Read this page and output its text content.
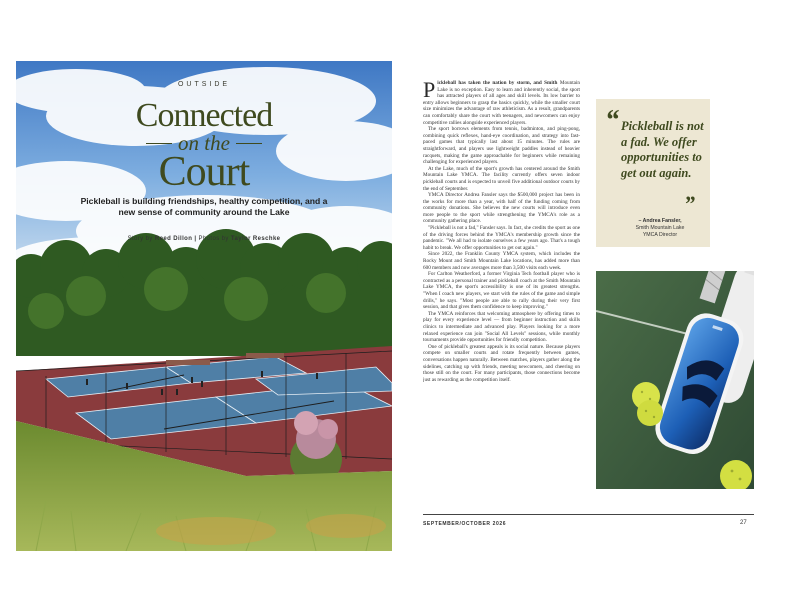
OUTSIDE
Connected
on the
Court
Pickleball is building friendships, healthy competition, and a new sense of community around the Lake
Story by Reed Dillon | Photos by Taylor Reschke

Pickleball has taken the nation by storm, and Smith Mountain Lake is no exception. Easy to learn and inherently social, the sport has attracted players of all ages and skill levels. Its low barrier to entry allows beginners to grasp the basics quickly, while the smaller court size minimizes the advantage of raw athleticism. As a result, grandparents can comfortably share the court with teenagers, and newcomers can enjoy competitive rallies alongside experienced players.

The sport borrows elements from tennis, badminton, and ping-pong, combining quick reflexes, hand-eye coordination, and strategy into fast-paced games that typically last about 15 minutes. The rules are straightforward, and players use lightweight paddles instead of heavier racquets, making the game approachable for beginners while remaining challenging for experienced players.

At the Lake, much of the sport's growth has centered around the Smith Mountain Lake YMCA. The facility currently offers seven indoor pickleball courts and is expected to unveil five additional outdoor courts by the end of September.

YMCA Director Andrea Fansler says the $500,000 project has been in the works for more than a year, with half of the funding coming from community donations. She believes the new courts will introduce even more people to the sport while strengthening the YMCA's role as a community gathering place.

"Pickleball is not a fad," Fansler says. In fact, she credits the sport as one of the driving forces behind the YMCA's membership growth since the pandemic. "We all had to isolate ourselves a few years ago. That's a tough habit to break. We offer opportunities to get out again."

Since 2022, the Franklin County YMCA system, which includes the Rocky Mount and Smith Mountain Lake locations, has added more than 600 members and now averages more than 3,500 visits each week.

For Carlton Weatherford, a former Virginia Tech football player who is contracted as a personal trainer and pickleball coach at the Smith Mountain Lake YMCA, the sport's accessibility is one of its greatest strengths. "When I coach new players, we start with the rules of the game and simple drills," he says. "Most people are able to rally during their very first session, and that gives them confidence to keep improving."

The YMCA reinforces that welcoming atmosphere by offering times to play for every experience level — from beginner instruction and skills clinics to intermediate and advanced play. Players looking for a more relaxed experience can join "Social All Levels" sessions, while monthly tournaments provide opportunities for friendly competition.

One of pickleball's greatest appeals is its social nature. Because players compete on smaller courts and rotate frequently between games, conversations happen naturally. Between matches, players gather along the sidelines, catching up with friends, meeting newcomers, and cheering on those still on the court. For many participants, those connections become just as rewarding as the competition itself.

SEPTEMBER/OCTOBER 2026	27
“ Pickleball is not a fad. We offer opportunities to get out again.
”
– Andrea Fansler,
Smith Mountain Lake
YMCA Director
